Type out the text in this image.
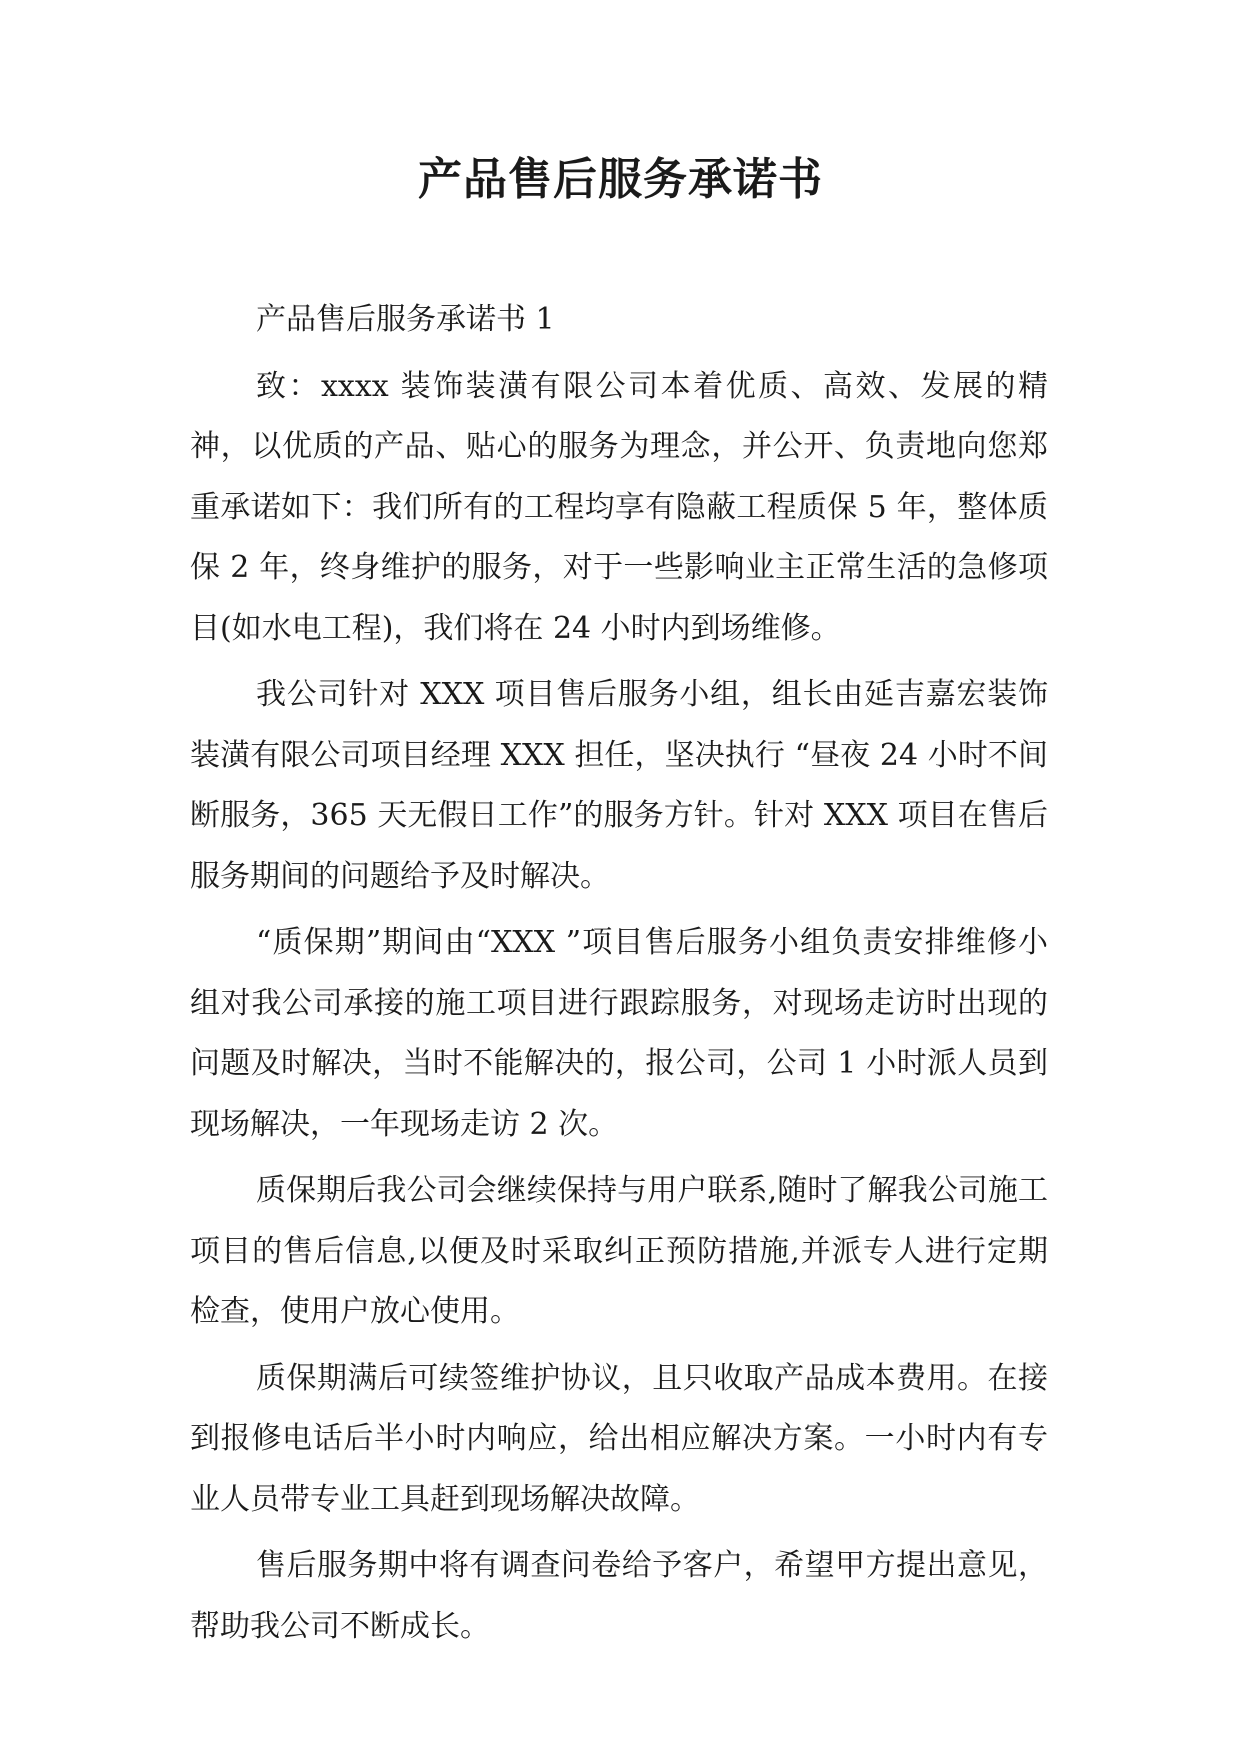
产品售后服务承诺书

产品售后服务承诺书 1

致：xxxx 装饰装潢有限公司本着优质、高效、发展的精神，以优质的产品、贴心的服务为理念，并公开、负责地向您郑重承诺如下：我们所有的工程均享有隐蔽工程质保 5 年，整体质保 2 年，终身维护的服务，对于一些影响业主正常生活的急修项目(如水电工程)，我们将在 24 小时内到场维修。

我公司针对 XXX 项目售后服务小组，组长由延吉嘉宏装饰装潢有限公司项目经理 XXX 担任，坚决执行 “昼夜 24 小时不间断服务，365 天无假日工作”的服务方针。针对 XXX 项目在售后服务期间的问题给予及时解决。

“质保期”期间由“XXX ”项目售后服务小组负责安排维修小组对我公司承接的施工项目进行跟踪服务，对现场走访时出现的问题及时解决，当时不能解决的，报公司，公司 1 小时派人员到现场解决，一年现场走访 2 次。

质保期后我公司会继续保持与用户联系,随时了解我公司施工项目的售后信息,以便及时采取纠正预防措施,并派专人进行定期检查，使用户放心使用。

质保期满后可续签维护协议，且只收取产品成本费用。在接到报修电话后半小时内响应，给出相应解决方案。一小时内有专业人员带专业工具赶到现场解决故障。

售后服务期中将有调查问卷给予客户，希望甲方提出意见，帮助我公司不断成长。
